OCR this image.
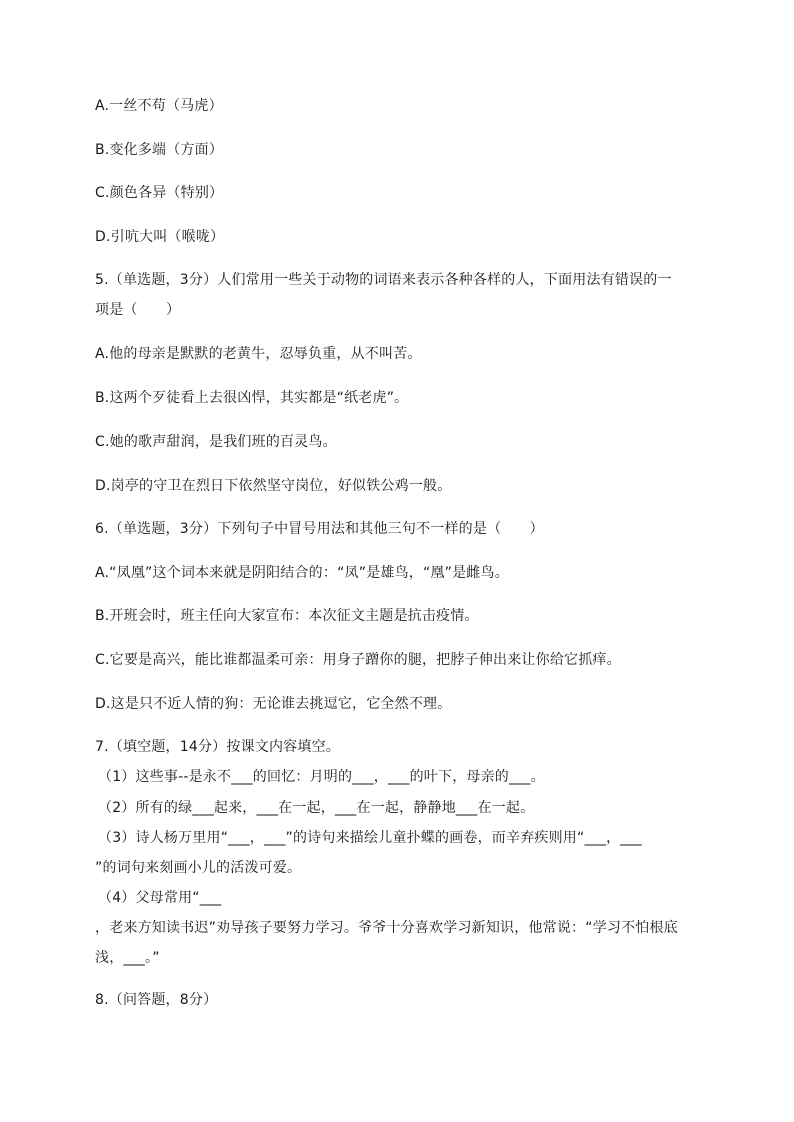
A.一丝不苟（马虎）
B.变化多端（方面）
C.颜色各异（特别）
D.引吭大叫（喉咙）
5.（单选题，3分）人们常用一些关于动物的词语来表示各种各样的人，下面用法有错误的一
项是（　　）
A.他的母亲是默默的老黄牛，忍辱负重，从不叫苦。
B.这两个歹徒看上去很凶悍，其实都是“纸老虎”。
C.她的歌声甜润，是我们班的百灵鸟。
D.岗亭的守卫在烈日下依然坚守岗位，好似铁公鸡一般。
6.（单选题，3分）下列句子中冒号用法和其他三句不一样的是（　　）
A.“凤凰”这个词本来就是阴阳结合的：“凤”是雄鸟，“凰”是雌鸟。
B.开班会时，班主任向大家宣布：本次征文主题是抗击疫情。
C.它要是高兴，能比谁都温柔可亲：用身子蹭你的腿，把脖子伸出来让你给它抓痒。
D.这是只不近人情的狗：无论谁去挑逗它，它全然不理。
7.（填空题，14分）按课文内容填空。
（1）这些事--是永不___的回忆：月明的___，___的叶下，母亲的___。
（2）所有的绿___起来，___在一起，___在一起，静静地___在一起。
（3）诗人杨万里用“___，___”的诗句来描绘儿童扑蝶的画卷，而辛弃疾则用“___，___
”的词句来刻画小儿的活泼可爱。
（4）父母常用“___
，老来方知读书迟”劝导孩子要努力学习。爷爷十分喜欢学习新知识，他常说：“学习不怕根底
浅，___。”
8.（问答题，8分）
